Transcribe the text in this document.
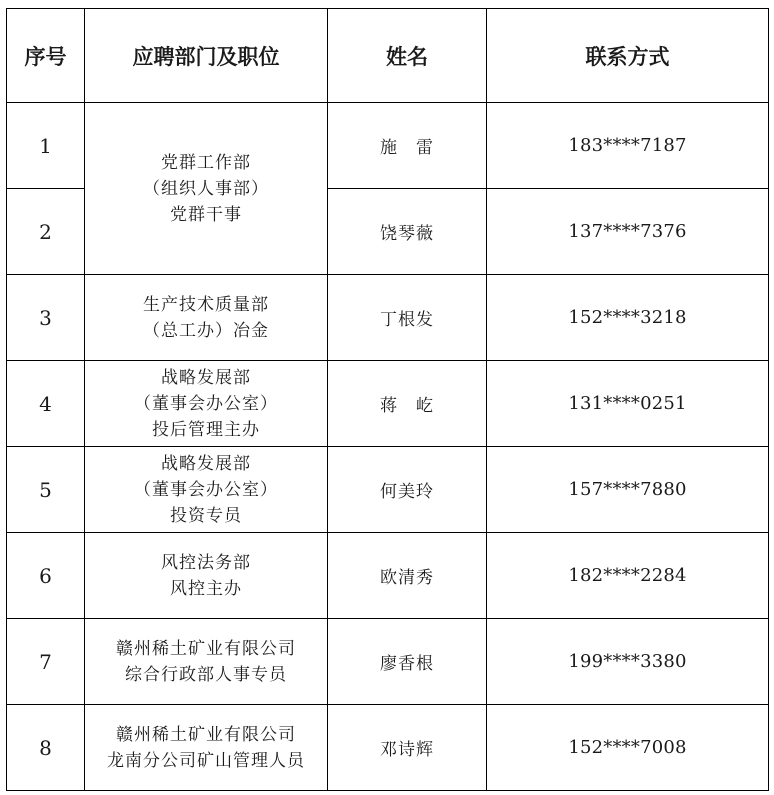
序号	应聘部门及职位	姓名	联系方式
1	党群工作部
（组织人事部）
党群干事	施　雷	183****7187
2		饶琴薇	137****7376
3	生产技术质量部
（总工办）冶金	丁根发	152****3218
4	战略发展部
（董事会办公室）
投后管理主办	蒋　屹	131****0251
5	战略发展部
（董事会办公室）
投资专员	何美玲	157****7880
6	风控法务部
风控主办	欧清秀	182****2284
7	赣州稀土矿业有限公司
综合行政部人事专员	廖香根	199****3380
8	赣州稀土矿业有限公司
龙南分公司矿山管理人员	邓诗辉	152****7008
